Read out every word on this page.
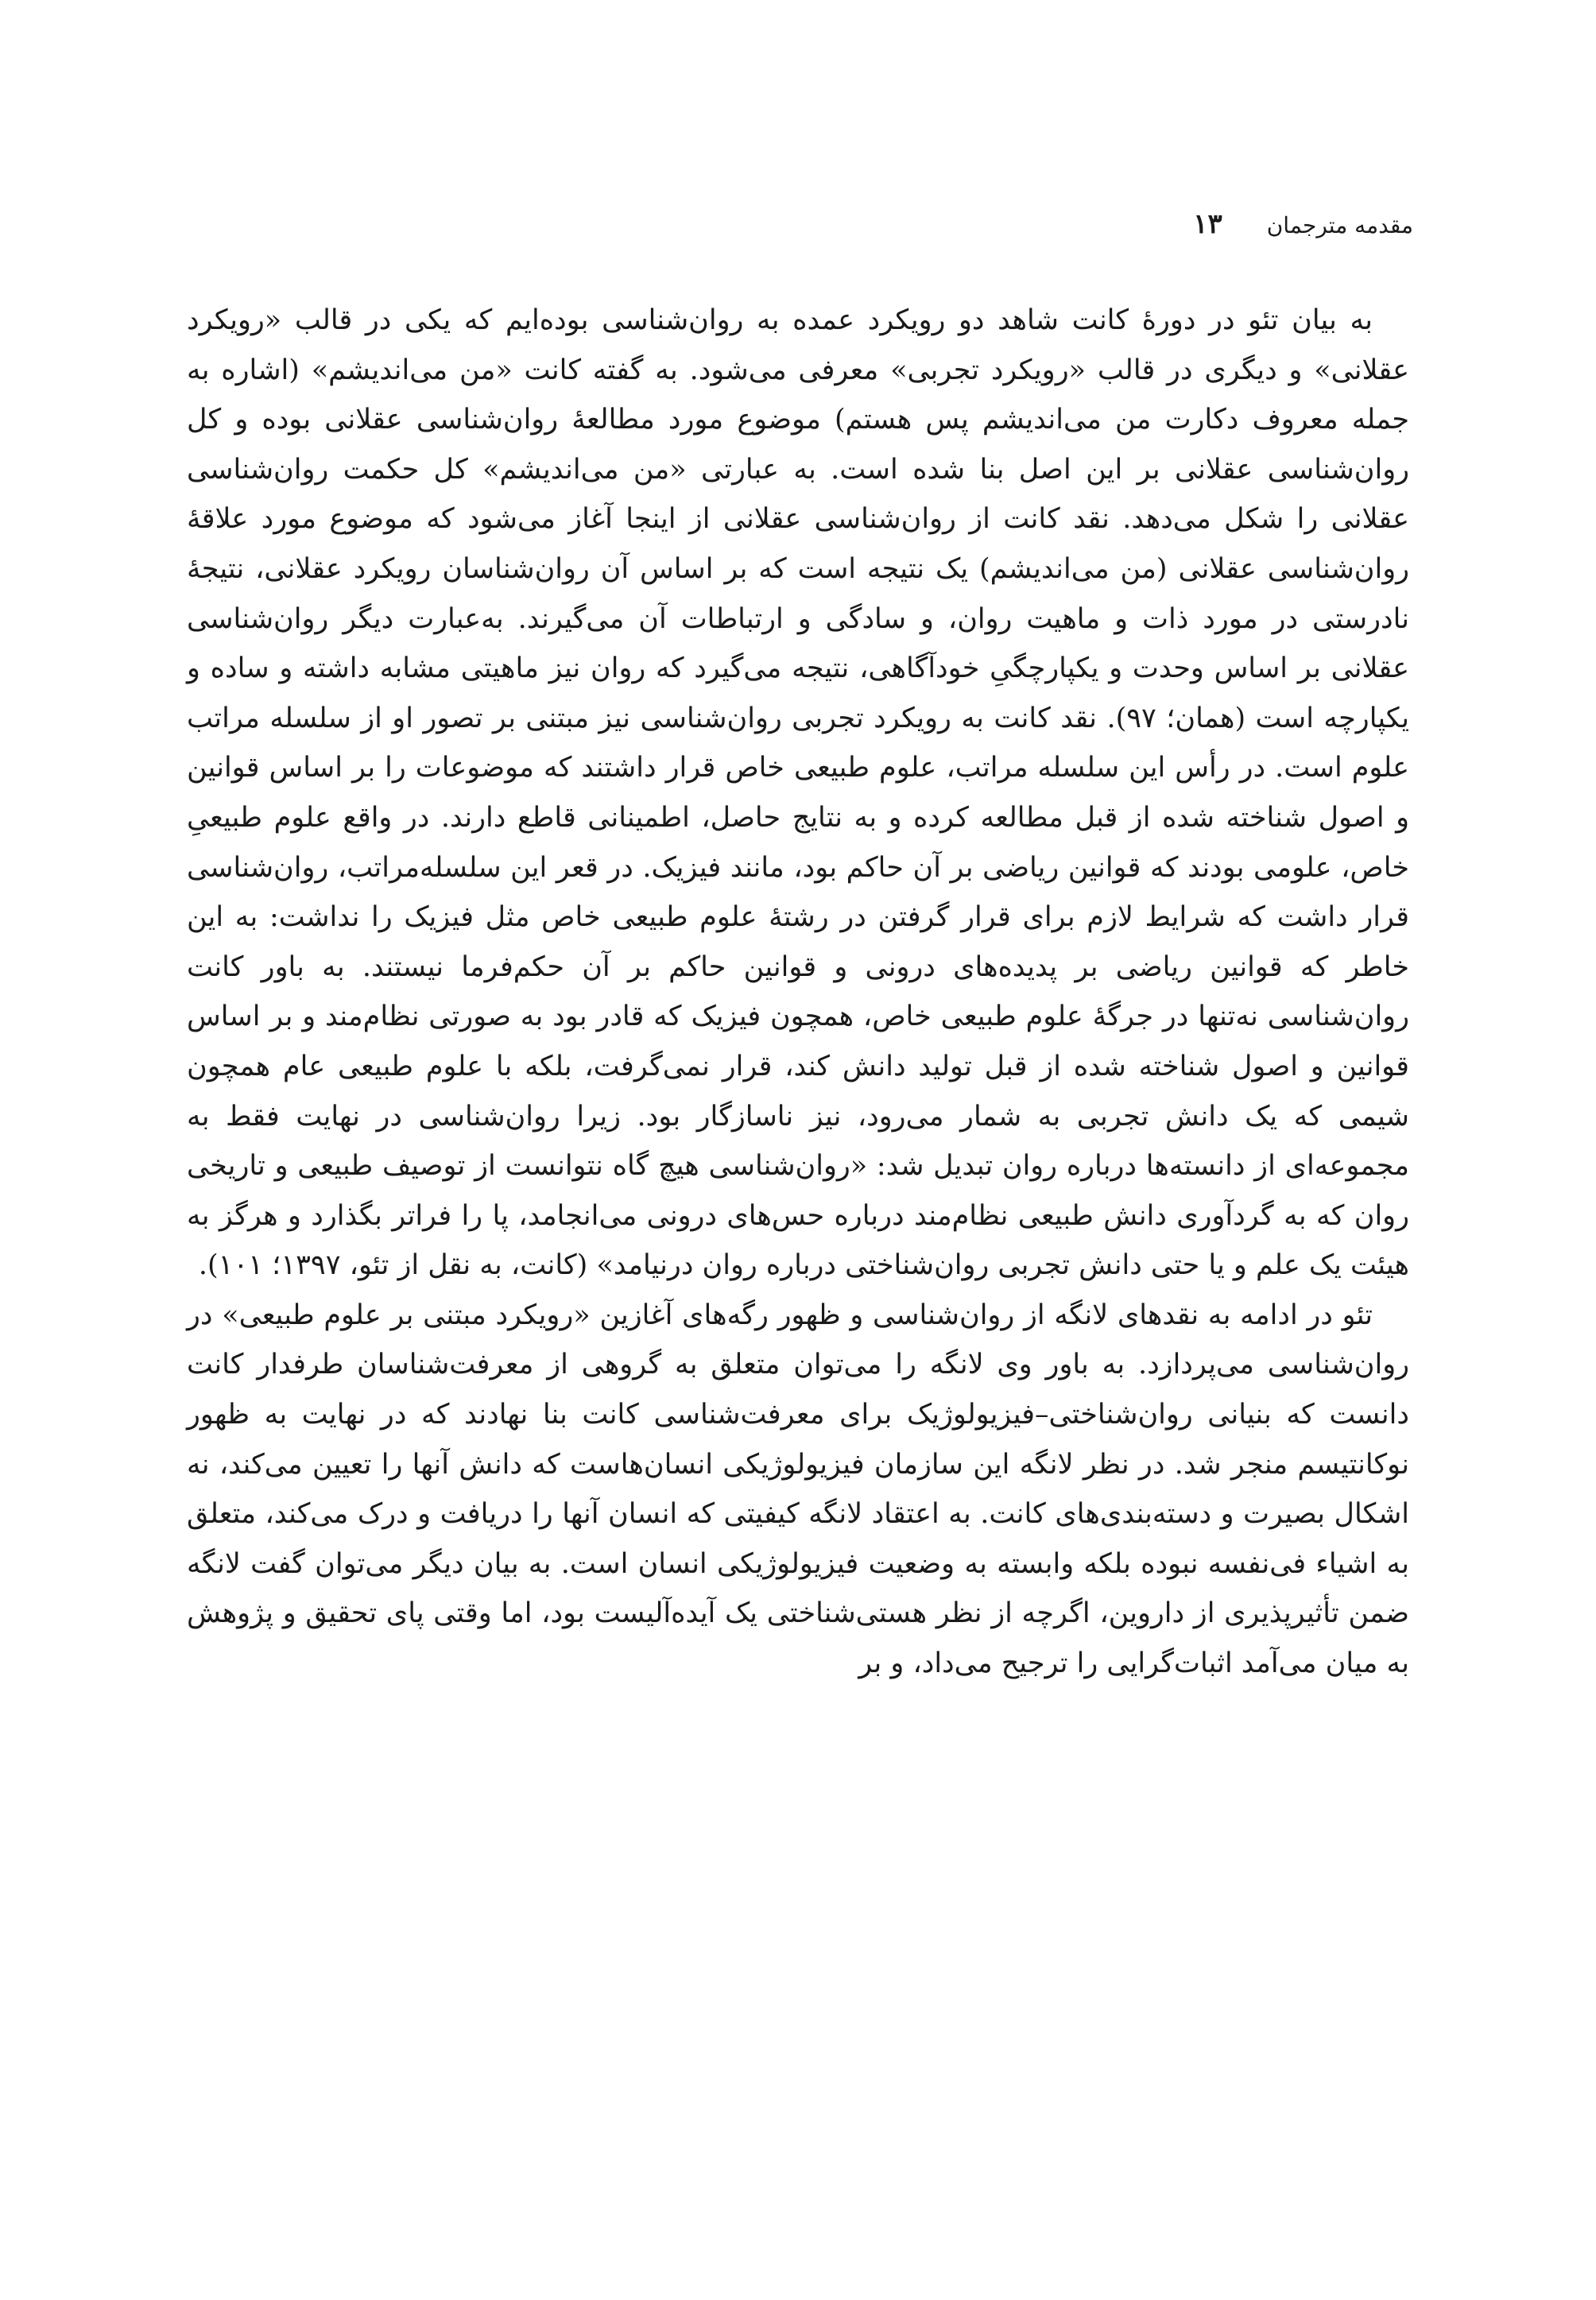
مقدمه مترجمان
۱۳

به بیان تئو در دورهٔ کانت شاهد دو رویکرد عمده به روان‌شناسی بوده‌ایم که یکی در قالب «رویکرد عقلانی» و دیگری در قالب «رویکرد تجربی» معرفی می‌شود. به گفته کانت «من می‌اندیشم» (اشاره به جمله معروف دکارت من می‌اندیشم پس هستم) موضوع مورد مطالعهٔ روان‌شناسی عقلانی بوده و کل روان‌شناسی عقلانی بر این اصل بنا شده است. به عبارتی «من می‌اندیشم» کل حکمت روان‌شناسی عقلانی را شکل می‌دهد. نقد کانت از روان‌شناسی عقلانی از اینجا آغاز می‌شود که موضوع مورد علاقهٔ روان‌شناسی عقلانی (من می‌اندیشم) یک نتیجه است که بر اساس آن روان‌شناسان رویکرد عقلانی، نتیجهٔ نادرستی در مورد ذات و ماهیت روان، و سادگی و ارتباطات آن می‌گیرند. به‌عبارت دیگر روان‌شناسی عقلانی بر اساس وحدت و یکپارچگیِ خودآگاهی، نتیجه می‌گیرد که روان نیز ماهیتی مشابه داشته و ساده و یکپارچه است (همان؛ ۹۷). نقد کانت به رویکرد تجربی روان‌شناسی نیز مبتنی بر تصور او از سلسله مراتب علوم است. در رأس این سلسله مراتب، علوم طبیعی خاص قرار داشتند که موضوعات را بر اساس قوانین و اصول شناخته شده از قبل مطالعه کرده و به نتایج حاصل، اطمینانی قاطع دارند. در واقع علوم طبیعیِ خاص، علومی بودند که قوانین ریاضی بر آن حاکم بود، مانند فیزیک. در قعر این سلسله‌مراتب، روان‌شناسی قرار داشت که شرایط لازم برای قرار گرفتن در رشتهٔ علوم طبیعی خاص مثل فیزیک را نداشت: به این خاطر که قوانین ریاضی بر پدیده‌های درونی و قوانین حاکم بر آن حکم‌فرما نیستند. به باور کانت روان‌شناسی نه‌تنها در جرگهٔ علوم طبیعی خاص، همچون فیزیک که قادر بود به صورتی نظام‌مند و بر اساس قوانین و اصول شناخته شده از قبل تولید دانش کند، قرار نمی‌گرفت، بلکه با علوم طبیعی عام همچون شیمی که یک دانش تجربی به شمار می‌رود، نیز ناسازگار بود. زیرا روان‌شناسی در نهایت فقط به مجموعه‌ای از دانسته‌ها درباره روان تبدیل شد: «روان‌شناسی هیچ گاه نتوانست از توصیف طبیعی و تاریخی روان که به گردآوری دانش طبیعی نظام‌مند درباره حس‌های درونی می‌انجامد، پا را فراتر بگذارد و هرگز به هیئت یک علم و یا حتی دانش تجربی روان‌شناختی درباره روان درنیامد» (کانت، به نقل از تئو، ۱۳۹۷؛ ۱۰۱).

تئو در ادامه به نقدهای لانگه از روان‌شناسی و ظهور رگه‌های آغازین «رویکرد مبتنی بر علوم طبیعی» در روان‌شناسی می‌پردازد. به باور وی لانگه را می‌توان متعلق به گروهی از معرفت‌شناسان طرفدار کانت دانست که بنیانی روان‌شناختی–فیزیولوژیک برای معرفت‌شناسی کانت بنا نهادند که در نهایت به ظهور نوکانتیسم منجر شد. در نظر لانگه این سازمان فیزیولوژیکی انسان‌هاست که دانش آنها را تعیین می‌کند، نه اشکال بصیرت و دسته‌بندی‌های کانت. به اعتقاد لانگه کیفیتی که انسان آنها را دریافت و درک می‌کند، متعلق به اشیاء فی‌نفسه نبوده بلکه وابسته به وضعیت فیزیولوژیکی انسان است. به بیان دیگر می‌توان گفت لانگه ضمن تأثیرپذیری از داروین، اگرچه از نظر هستی‌شناختی یک آیده‌آلیست بود، اما وقتی پای تحقیق و پژوهش به میان می‌آمد اثبات‌گرایی را ترجیح می‌داد، و بر
